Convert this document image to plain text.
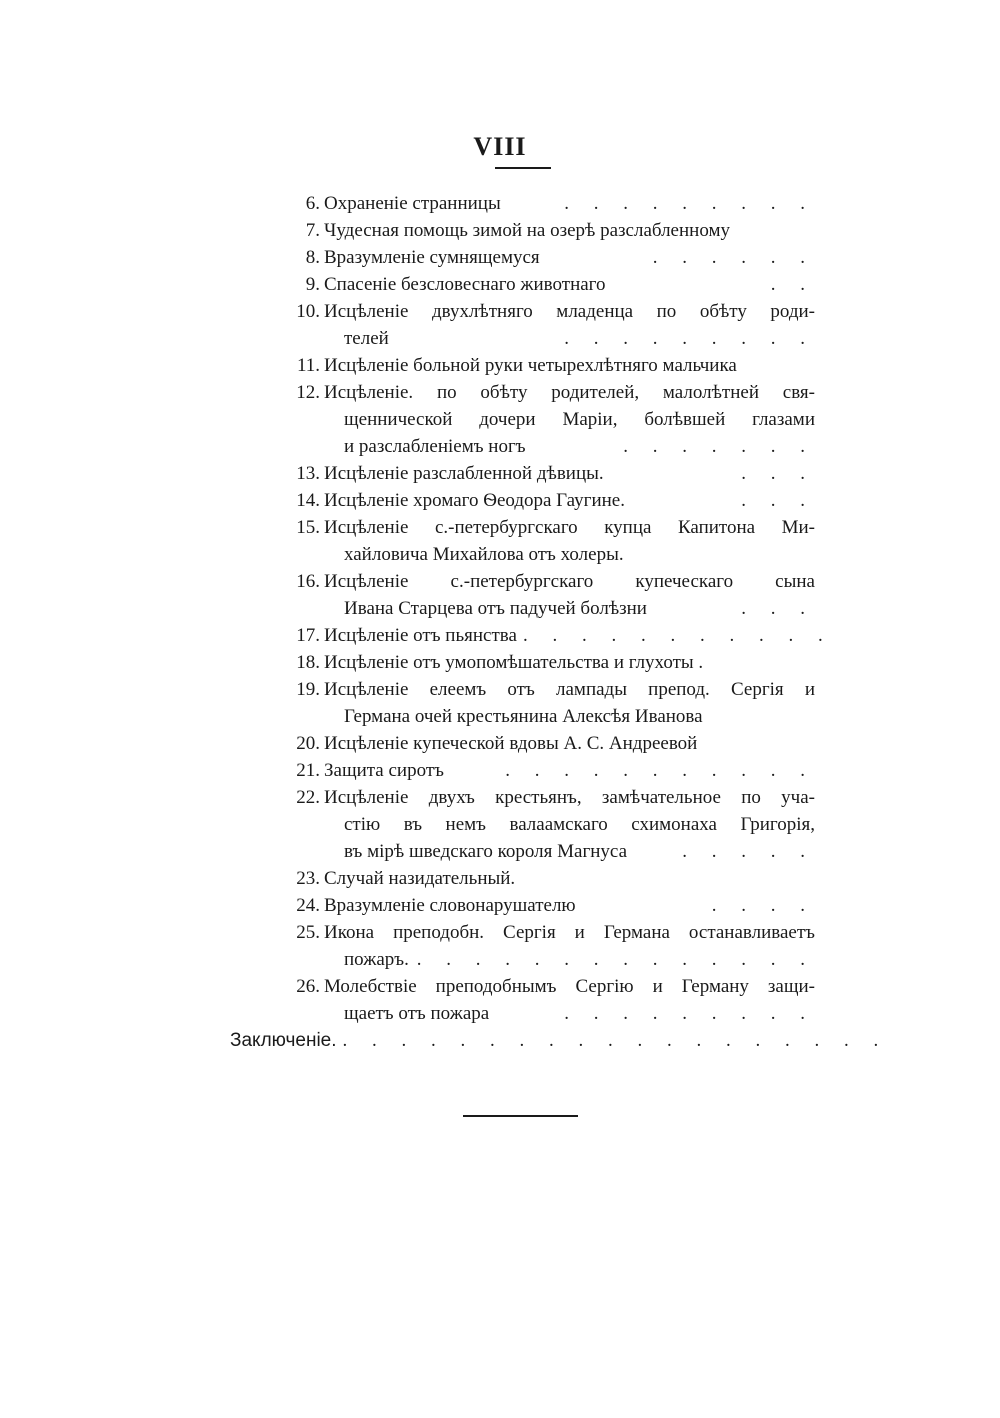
VIII
6. Охраненіе странницы	. . . . . . . . .
7. Чудесная помощь зимой на озерѣ разслабленному
8. Вразумленіе сумнящемуся	. . . . . .
9. Спасеніе безсловеснаго животнаго	. .
10. Исцѣленіе двухлѣтняго младенца по обѣту роди-
телей	. . . . . . . . .
11. Исцѣленіе больной руки четырехлѣтняго мальчика
12. Исцѣленіе. по обѣту родителей, малолѣтней свя-
щеннической дочери Маріи, болѣвшей глазами
и разслабленіемъ ногъ	. . . . . . .
13. Исцѣленіе разслабленной дѣвицы.	. . .
14. Исцѣленіе хромаго Ѳеодора Гаугине.	. . .
15. Исцѣленіе с.-петербургскаго купца Капитона Ми-
хайловича Михайлова отъ холеры.
16. Исцѣленіе с.-петербургскаго купеческаго сына
Ивана Старцева отъ падучей болѣзни	. . .
17. Исцѣленіе отъ пьянства . . . . . . . . . . .
18. Исцѣленіе отъ умопомѣшательства и глухоты .
19. Исцѣленіе елеемъ отъ лампады препод. Сергія и
Германа очей крестьянина Алексѣя Иванова
20. Исцѣленіе купеческой вдовы А. С. Андреевой
21. Защита сиротъ	. . . . . . . . . . .
22. Исцѣленіе двухъ крестьянъ, замѣчательное по уча-
стію въ немъ валаамскаго схимонаха Григорія,
въ мірѣ шведскаго короля Магнуса	. . . . .
23. Случай назидательный.
24. Вразумленіе словонарушателю	. . . .
25. Икона преподобн. Сергія и Германа останавливаетъ
пожаръ. . . . . . . . . . . . . . .
26. Молебствіе преподобнымъ Сергію и Герману защи-
щаетъ отъ пожара	. . . . . . . . .
Заключеніе. . . . . . . . . . . . . . . . . . . .
